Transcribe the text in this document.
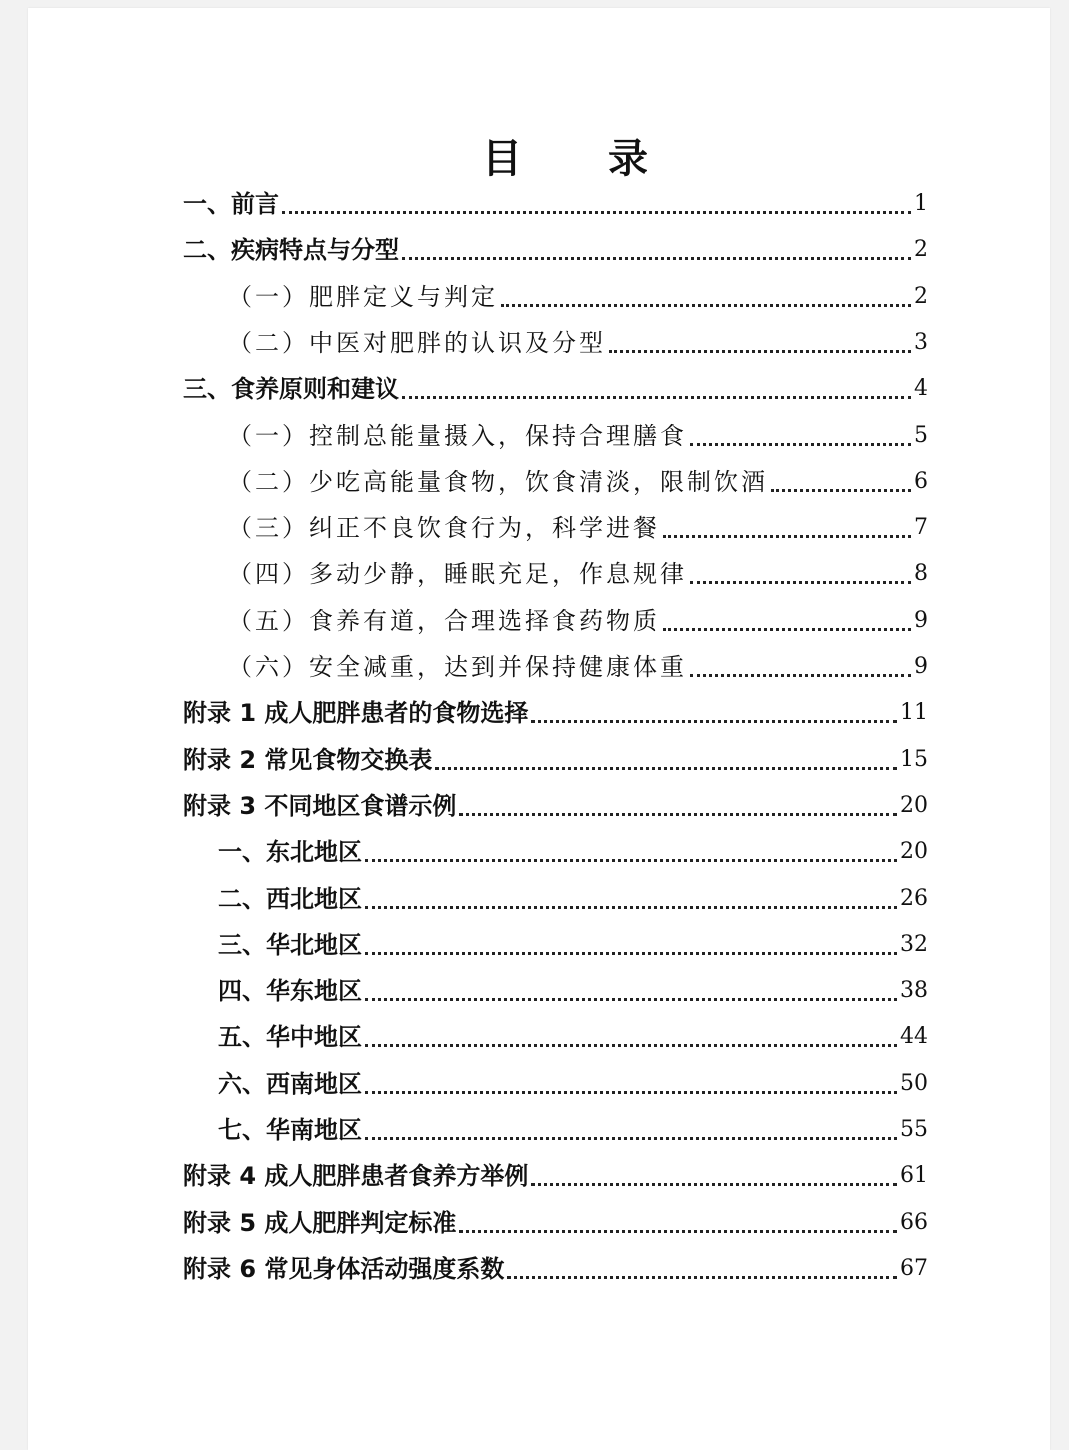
目 录
一、前言	1
二、疾病特点与分型	2
（一）肥胖定义与判定	2
（二）中医对肥胖的认识及分型	3
三、食养原则和建议	4
（一）控制总能量摄入，保持合理膳食	5
（二）少吃高能量食物，饮食清淡，限制饮酒	6
（三）纠正不良饮食行为，科学进餐	7
（四）多动少静，睡眠充足，作息规律	8
（五）食养有道，合理选择食药物质	9
（六）安全减重，达到并保持健康体重	9
附录 1 成人肥胖患者的食物选择	11
附录 2 常见食物交换表	15
附录 3 不同地区食谱示例	20
一、东北地区	20
二、西北地区	26
三、华北地区	32
四、华东地区	38
五、华中地区	44
六、西南地区	50
七、华南地区	55
附录 4 成人肥胖患者食养方举例	61
附录 5 成人肥胖判定标准	66
附录 6 常见身体活动强度系数	67
